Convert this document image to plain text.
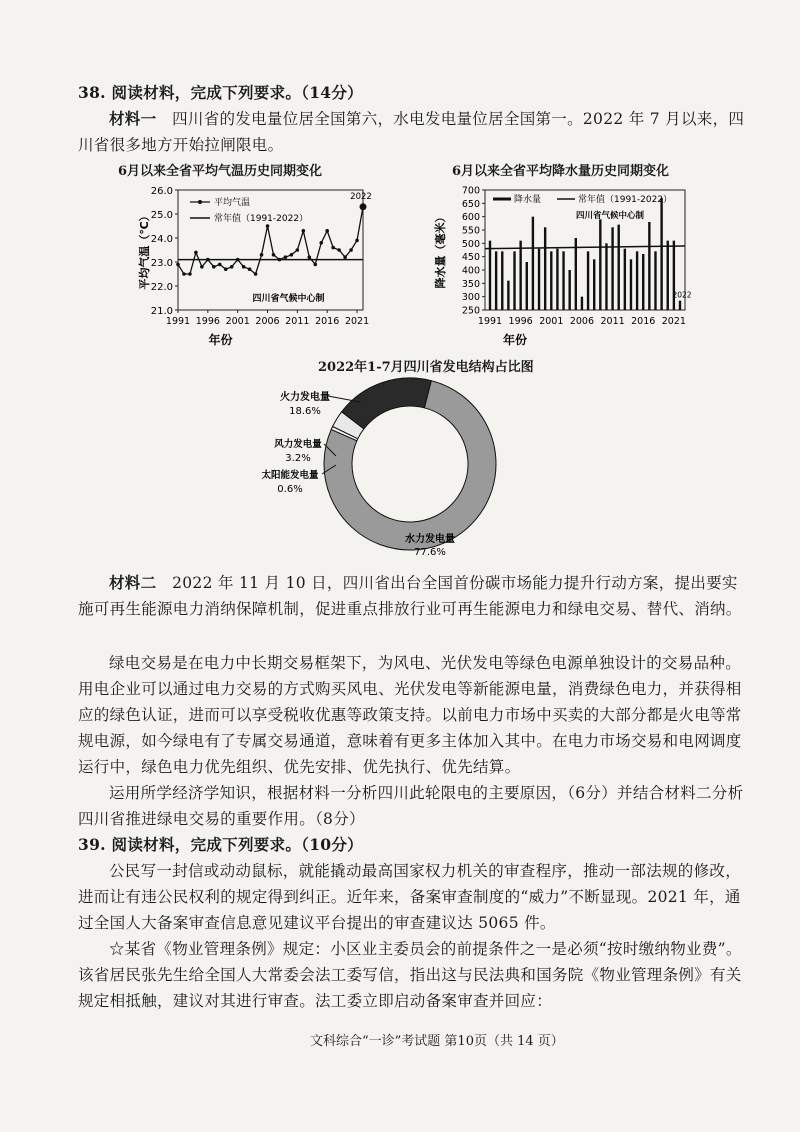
38. 阅读材料，完成下列要求。（14分）
材料一 四川省的发电量位居全国第六，水电发电量位居全国第一。2022 年 7 月以来，四川省很多地方开始拉闸限电。
6月以来全省平均气温历史同期变化	6月以来全省平均降水量历史同期变化
21.0
22.0
23.0
24.0
25.0
26.0
1991 1996 2001 2006 2011 2016 2021
平均气温（℃）
年份
2022
平均气温
常年值（1991-2022）
四川省气候中心制
250
300
350
400
450
500
550
600
650
700
1991 1996 2001 2006 2011 2016 2021
降水量（毫米）
年份
2022
降水量	常年值（1991-2022）
四川省气候中心制
2022年1-7月四川省发电结构占比图
火力发电量
18.6%
风力发电量
3.2%
太阳能发电量
0.6%
水力发电量
77.6%
材料二 2022 年 11 月 10 日，四川省出台全国首份碳市场能力提升行动方案，提出要实施可再生能源电力消纳保障机制，促进重点排放行业可再生能源电力和绿电交易、替代、消纳。
绿电交易是在电力中长期交易框架下，为风电、光伏发电等绿色电源单独设计的交易品种。用电企业可以通过电力交易的方式购买风电、光伏发电等新能源电量，消费绿色电力，并获得相应的绿色认证，进而可以享受税收优惠等政策支持。以前电力市场中买卖的大部分都是火电等常规电源，如今绿电有了专属交易通道，意味着有更多主体加入其中。在电力市场交易和电网调度运行中，绿色电力优先组织、优先安排、优先执行、优先结算。
运用所学经济学知识，根据材料一分析四川此轮限电的主要原因，（6分）并结合材料二分析四川省推进绿电交易的重要作用。（8分）
39. 阅读材料，完成下列要求。（10分）
公民写一封信或动动鼠标，就能撬动最高国家权力机关的审查程序，推动一部法规的修改，进而让有违公民权利的规定得到纠正。近年来，备案审查制度的“威力”不断显现。2021 年，通过全国人大备案审查信息意见建议平台提出的审查建议达 5065 件。
☆某省《物业管理条例》规定：小区业主委员会的前提条件之一是必须“按时缴纳物业费”。该省居民张先生给全国人大常委会法工委写信，指出这与民法典和国务院《物业管理条例》有关规定相抵触，建议对其进行审查。法工委立即启动备案审查并回应：
文科综合“一诊”考试题 第10页（共 14 页）
